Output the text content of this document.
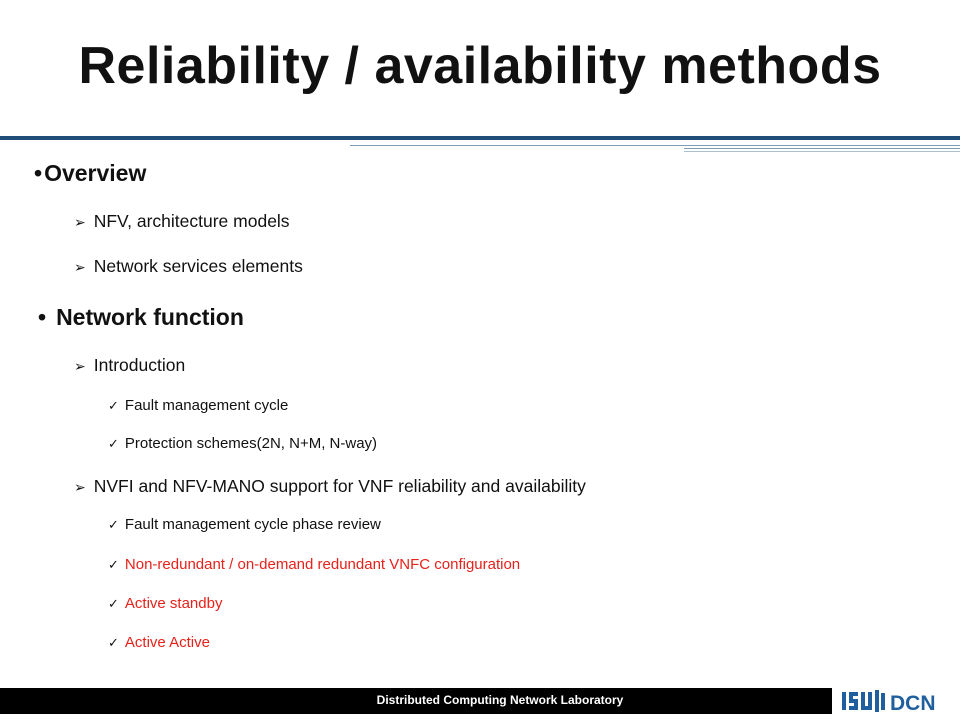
Reliability / availability methods
•Overview
➢ NFV, architecture models
➢ Network services elements
• Network function
➢ Introduction
✓ Fault management cycle
✓ Protection schemes(2N, N+M, N-way)
➢ NVFI and NFV-MANO support for VNF reliability and availability
✓ Fault management cycle phase review
✓ Non-redundant / on-demand redundant VNFC configuration
✓ Active standby
✓ Active Active
Distributed Computing Network Laboratory	DCN
